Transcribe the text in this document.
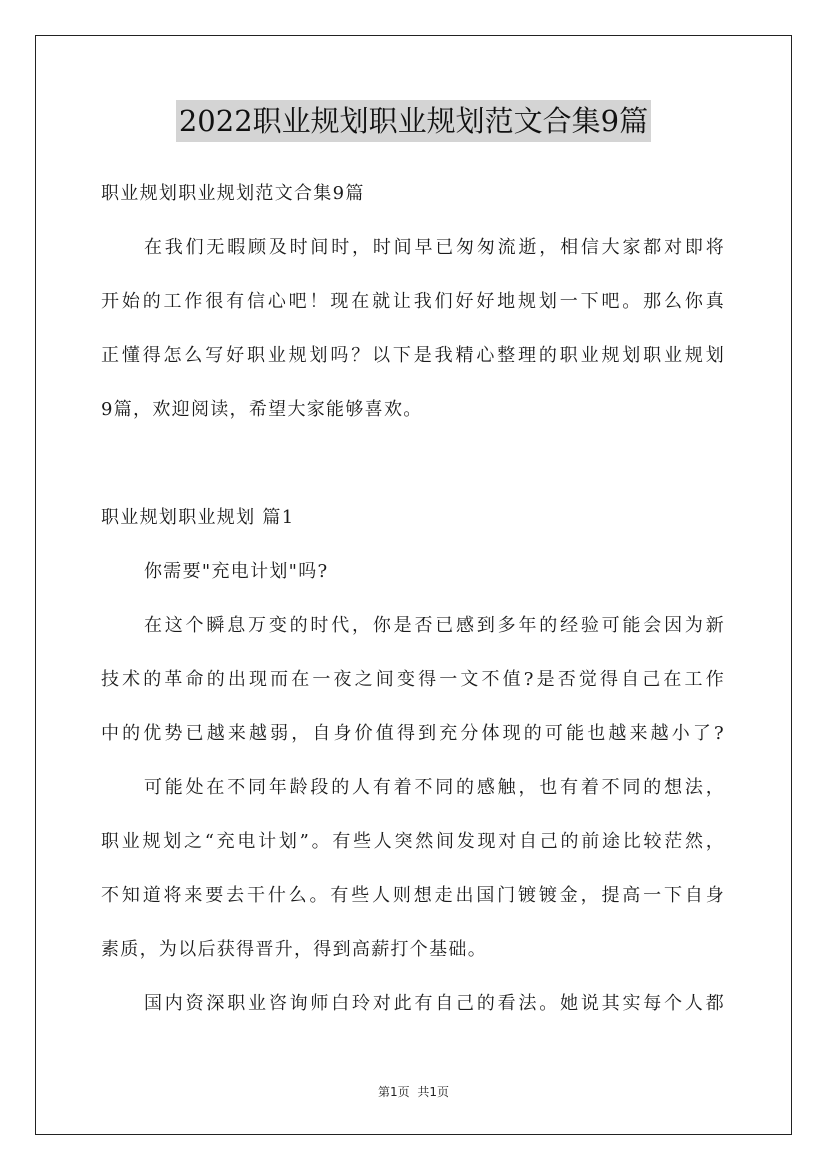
2022职业规划职业规划范文合集9篇
职业规划职业规划范文合集9篇
在我们无暇顾及时间时，时间早已匆匆流逝，相信大家都对即将
开始的工作很有信心吧！现在就让我们好好地规划一下吧。那么你真
正懂得怎么写好职业规划吗？以下是我精心整理的职业规划职业规划
9篇，欢迎阅读，希望大家能够喜欢。
职业规划职业规划 篇1
你需要"充电计划"吗?
在这个瞬息万变的时代，你是否已感到多年的经验可能会因为新
技术的革命的出现而在一夜之间变得一文不值?是否觉得自己在工作
中的优势已越来越弱，自身价值得到充分体现的可能也越来越小了?
可能处在不同年龄段的人有着不同的感触，也有着不同的想法，
职业规划之“充电计划”。有些人突然间发现对自己的前途比较茫然，
不知道将来要去干什么。有些人则想走出国门镀镀金，提高一下自身
素质，为以后获得晋升，得到高薪打个基础。
国内资深职业咨询师白玲对此有自己的看法。她说其实每个人都
第1页 共1页
